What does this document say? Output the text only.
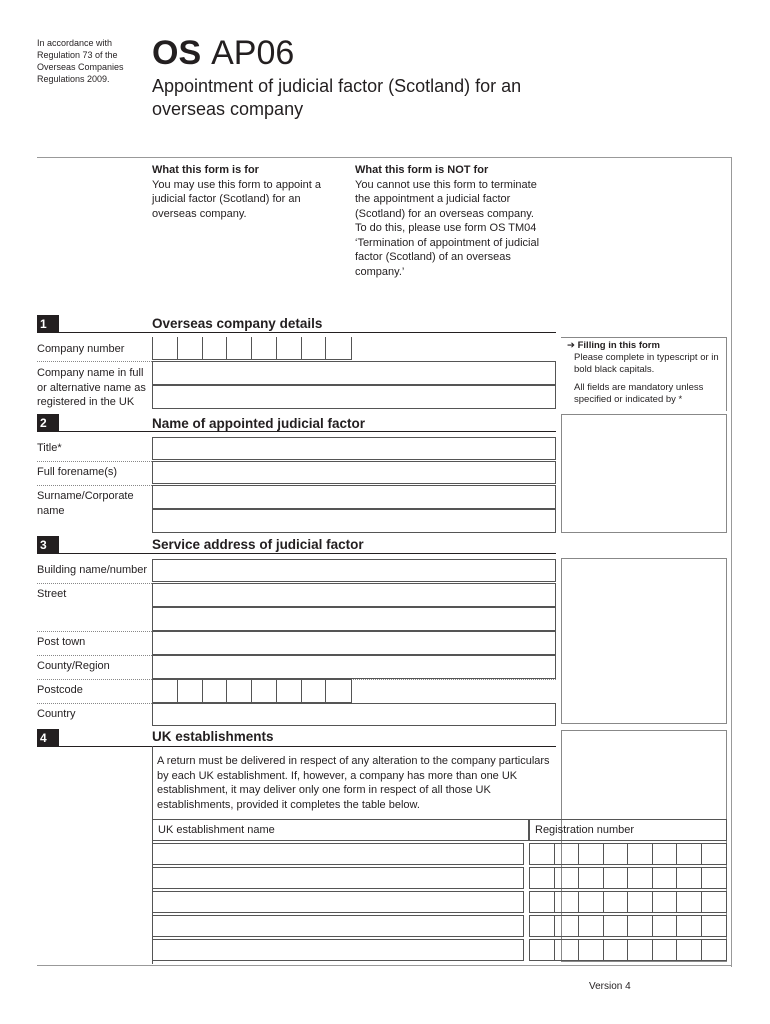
In accordance with Regulation 73 of the Overseas Companies Regulations 2009.
OS AP06
Appointment of judicial factor (Scotland) for an overseas company
What this form is for
You may use this form to appoint a judicial factor (Scotland) for an overseas company.
What this form is NOT for
You cannot use this form to terminate the appointment a judicial factor (Scotland) for an overseas company. To do this, please use form OS TM04 ‘Termination of appointment of judicial factor (Scotland) of an overseas company.’
➔ Filling in this form
Please complete in typescript or in bold black capitals.
All fields are mandatory unless specified or indicated by *
1	Overseas company details
Company number
Company name in full or alternative name as registered in the UK
2	Name of appointed judicial factor
Title*
Full forename(s)
Surname/Corporate name
3	Service address of judicial factor
Building name/number
Street
Post town
County/Region
Postcode
Country
4	UK establishments
A return must be delivered in respect of any alteration to the company particulars by each UK establishment. If, however, a company has more than one UK establishment, it may deliver only one form in respect of all those UK establishments, provided it completes the table below.
UK establishment name	Registration number
Version 4
